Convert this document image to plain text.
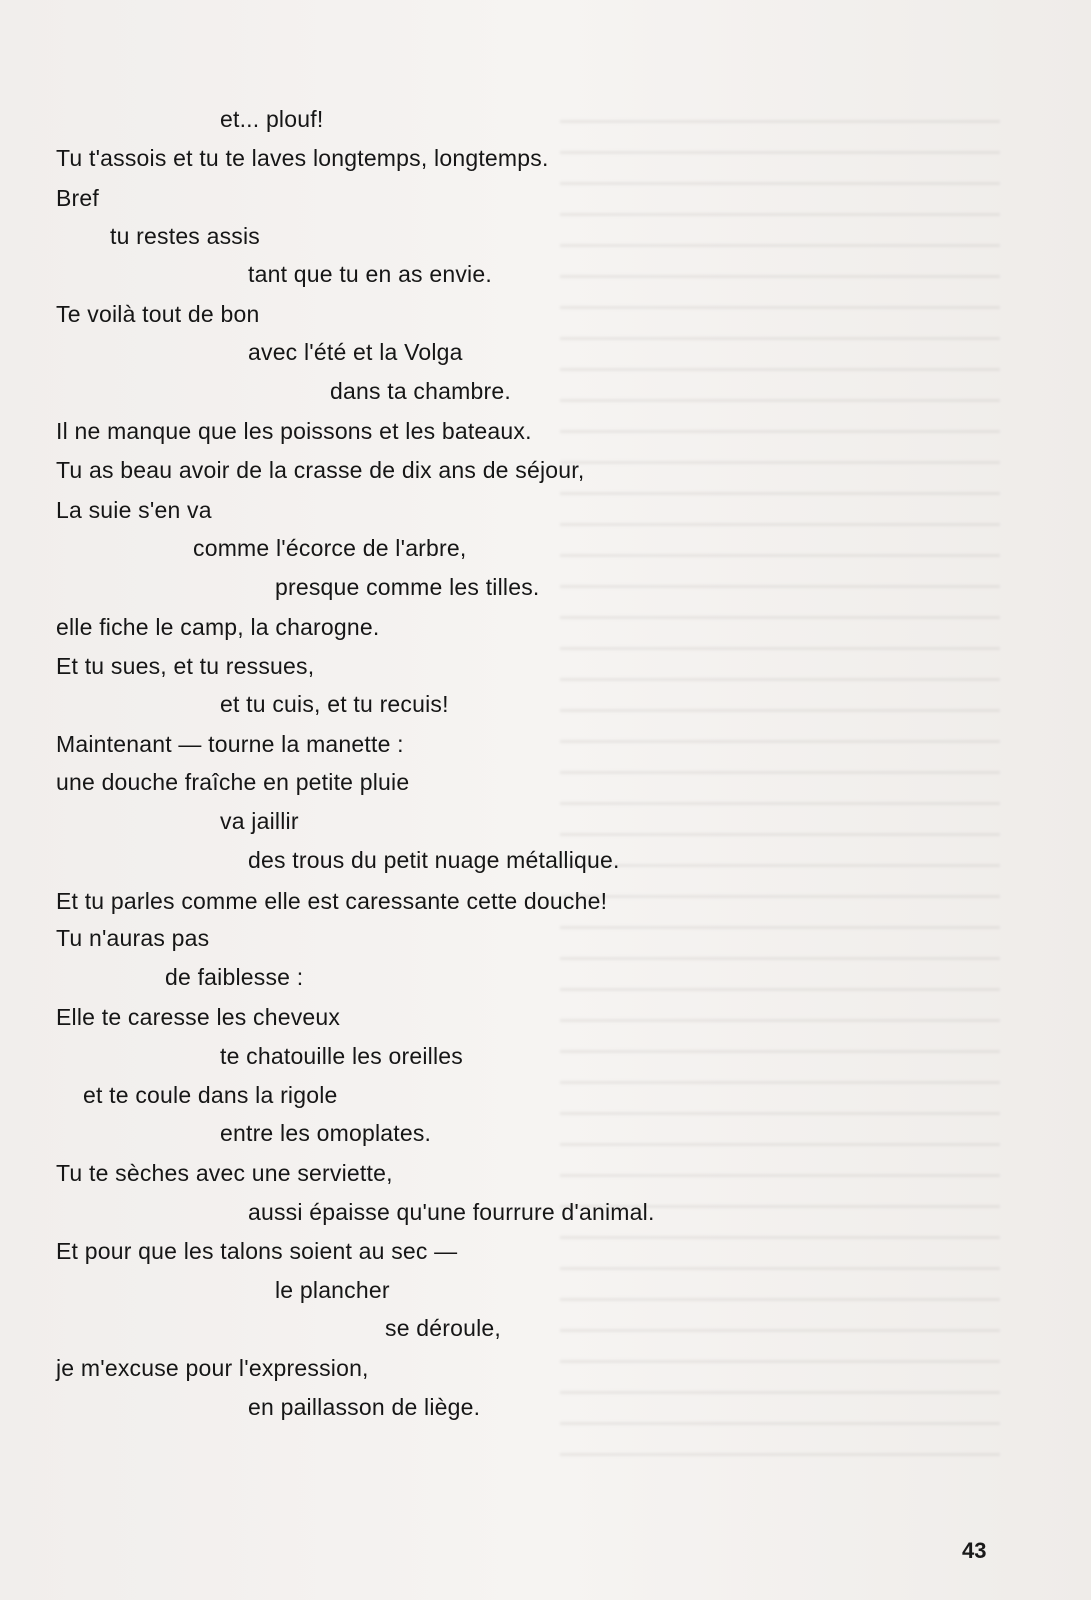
et... plouf!
Tu t'assois et tu te laves longtemps, longtemps.
Bref
tu restes assis
tant que tu en as envie.
Te voilà tout de bon
avec l'été et la Volga
dans ta chambre.
Il ne manque que les poissons et les bateaux.
Tu as beau avoir de la crasse de dix ans de séjour,
La suie s'en va
comme l'écorce de l'arbre,
presque comme les tilles.
elle fiche le camp, la charogne.
Et tu sues, et tu ressues,
et tu cuis, et tu recuis!
Maintenant — tourne la manette :
une douche fraîche en petite pluie
va jaillir
des trous du petit nuage métallique.
Et tu parles comme elle est caressante cette douche!
Tu n'auras pas
de faiblesse :
Elle te caresse les cheveux
te chatouille les oreilles
et te coule dans la rigole
entre les omoplates.
Tu te sèches avec une serviette,
aussi épaisse qu'une fourrure d'animal.
Et pour que les talons soient au sec —
le plancher
se déroule,
je m'excuse pour l'expression,
en paillasson de liège.
43
